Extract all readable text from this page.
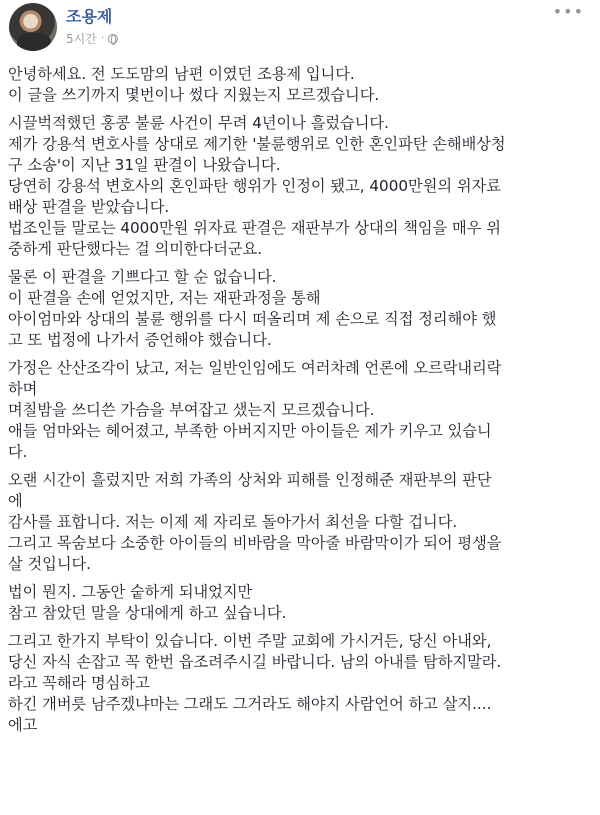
조용제
5시간 ·
•••
안녕하세요. 전 도도맘의 남편 이였던 조용제 입니다.
이 글을 쓰기까지 몇번이나 썼다 지웠는지 모르겠습니다.
시끌벅적했던 홍콩 불륜 사건이 무려 4년이나 흘렀습니다.
제가 강용석 변호사를 상대로 제기한 '불륜행위로 인한 혼인파탄 손해배상청
구 소송'이 지난 31일 판결이 나왔습니다.
당연히 강용석 변호사의 혼인파탄 행위가 인정이 됐고, 4000만원의 위자료
배상 판결을 받았습니다.
법조인들 말로는 4000만원 위자료 판결은 재판부가 상대의 책임을 매우 위
중하게 판단했다는 걸 의미한다더군요.
물론 이 판결을 기쁘다고 할 순 없습니다.
이 판결을 손에 얻었지만, 저는 재판과정을 통해
아이엄마와 상대의 불륜 행위를 다시 떠올리며 제 손으로 직접 정리해야 했
고 또 법정에 나가서 증언해야 했습니다.
가정은 산산조각이 났고, 저는 일반인임에도 여러차례 언론에 오르락내리락
하며
며칠밤을 쓰디쓴 가슴을 부여잡고 샜는지 모르겠습니다.
애들 엄마와는 헤어졌고, 부족한 아버지지만 아이들은 제가 키우고 있습니
다.
오랜 시간이 흘렀지만 저희 가족의 상처와 피해를 인정해준 재판부의 판단
에
감사를 표합니다. 저는 이제 제 자리로 돌아가서 최선을 다할 겁니다.
그리고 목숨보다 소중한 아이들의 비바람을 막아줄 바람막이가 되어 평생을
살 것입니다.
법이 뭔지. 그동안 숱하게 되내었지만
참고 참았던 말을 상대에게 하고 싶습니다.
그리고 한가지 부탁이 있습니다. 이번 주말 교회에 가시거든, 당신 아내와,
당신 자식 손잡고 꼭 한번 읍조려주시길 바랍니다. 남의 아내를 탐하지말라.
라고 꼭해라 명심하고
하긴 개버릇 남주겠냐마는 그래도 그거라도 해야지 사람언어 하고 살지....
에고
